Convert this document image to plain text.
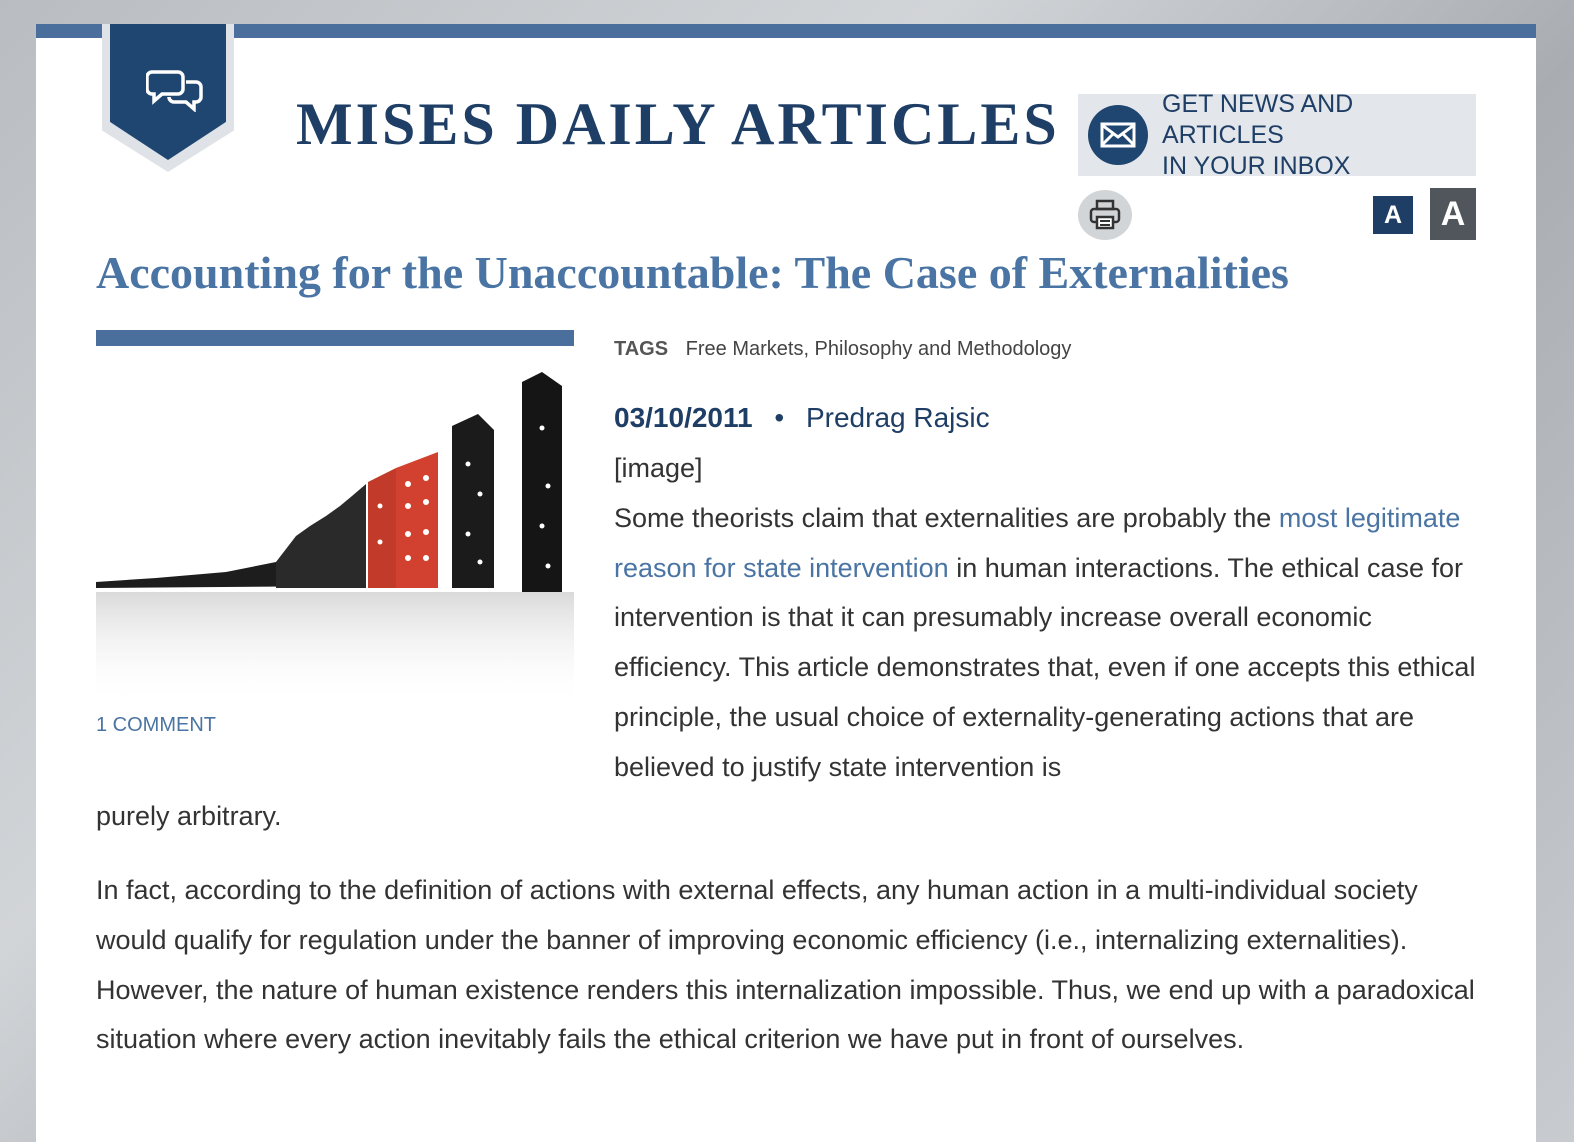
MISES DAILY ARTICLES	GET NEWS AND ARTICLES
IN YOUR INBOX
A	A
Accounting for the Unaccountable: The Case of Externalities
1 COMMENT
TAGS Free Markets, Philosophy and Methodology
03/10/2011 • Predrag Rajsic

[image]

Some theorists claim that externalities are probably the most legitimate reason for state intervention in human interactions. The ethical case for intervention is that it can presumably increase overall economic efficiency. This article demonstrates that, even if one accepts this ethical principle, the usual choice of externality-generating actions that are believed to justify state intervention is

purely arbitrary.

In fact, according to the definition of actions with external effects, any human action in a multi-individual society would qualify for regulation under the banner of improving economic efficiency (i.e., internalizing externalities). However, the nature of human existence renders this internalization impossible. Thus, we end up with a paradoxical situation where every action inevitably fails the ethical criterion we have put in front of ourselves.
